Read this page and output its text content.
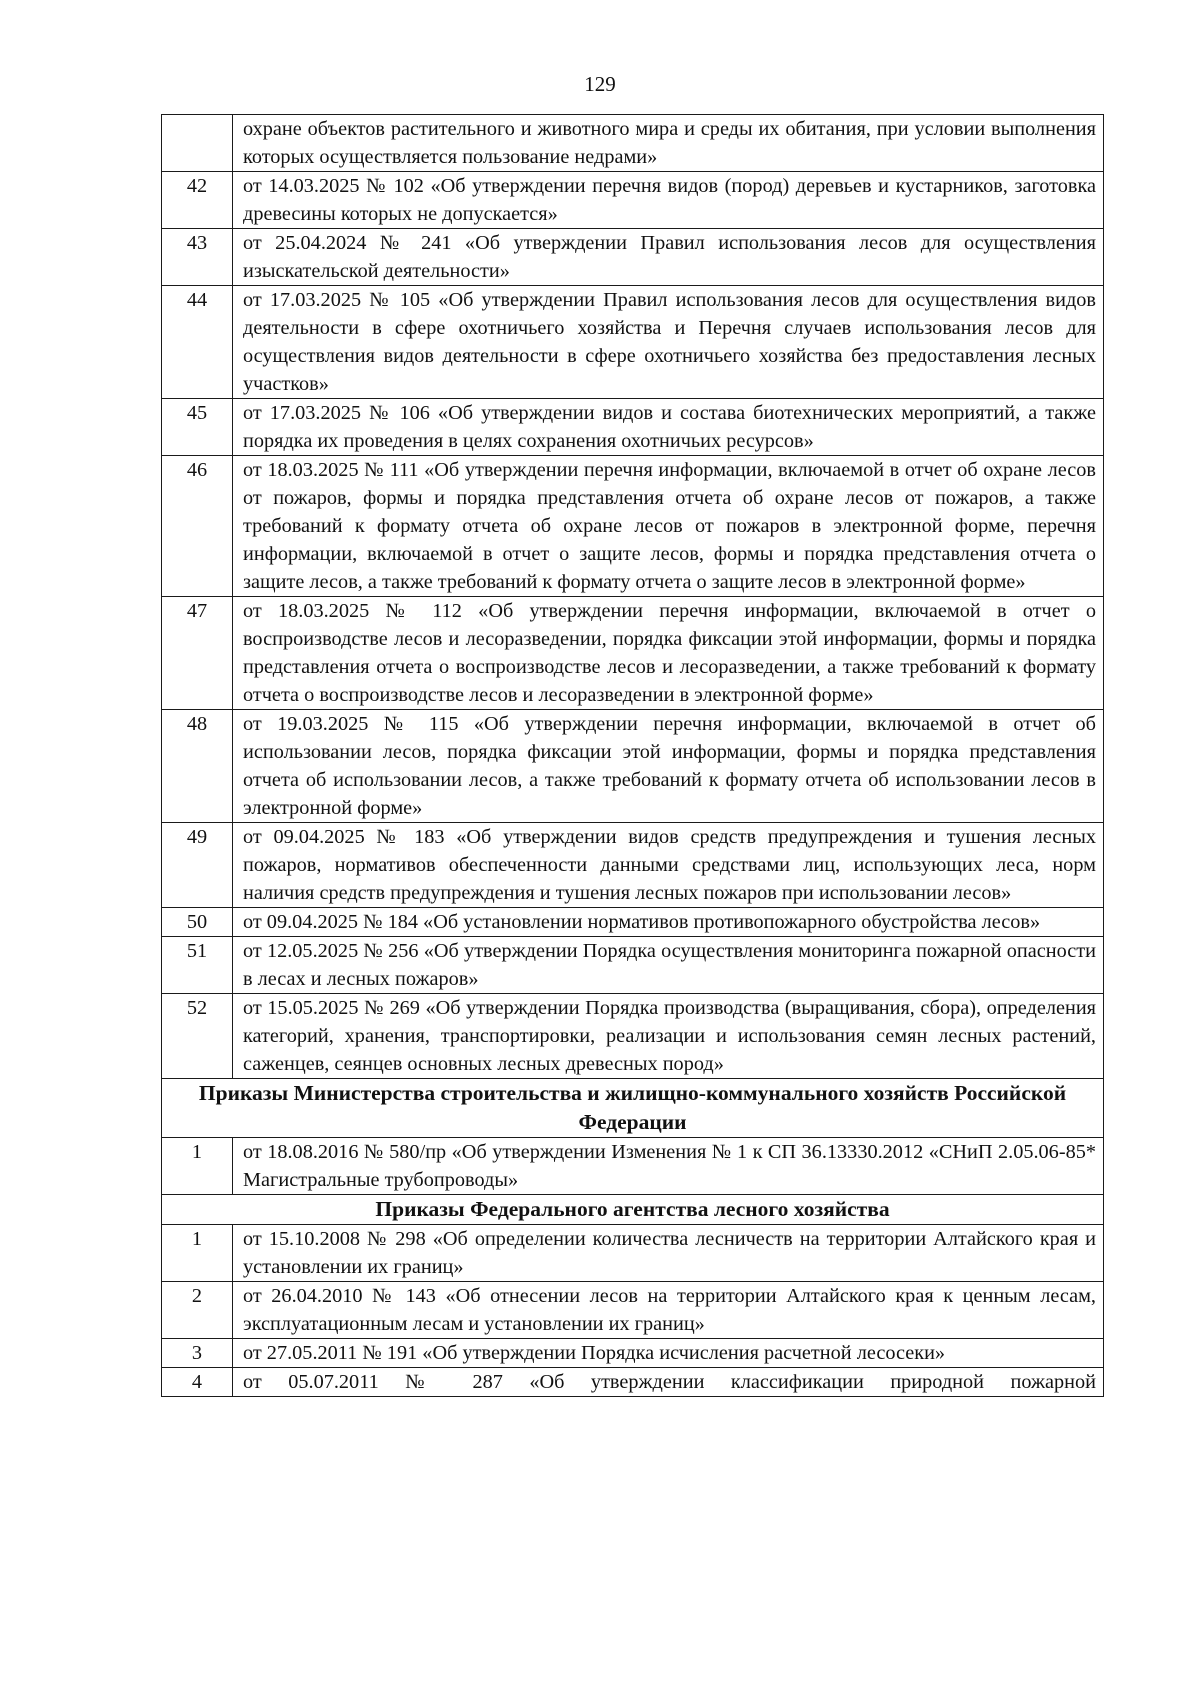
129
	охране объектов растительного и животного мира и среды их обитания, при условии выполнения которых осуществляется пользование недрами»
42	от 14.03.2025 № 102 «Об утверждении перечня видов (пород) деревьев и кустарников, заготовка древесины которых не допускается»
43	от 25.04.2024 № 241 «Об утверждении Правил использования лесов для осуществления изыскательской деятельности»
44	от 17.03.2025 № 105 «Об утверждении Правил использования лесов для осуществления видов деятельности в сфере охотничьего хозяйства и Перечня случаев использования лесов для осуществления видов деятельности в сфере охотничьего хозяйства без предоставления лесных участков»
45	от 17.03.2025 № 106 «Об утверждении видов и состава биотехнических мероприятий, а также порядка их проведения в целях сохранения охотничьих ресурсов»
46	от 18.03.2025 № 111 «Об утверждении перечня информации, включаемой в отчет об охране лесов от пожаров, формы и порядка представления отчета об охране лесов от пожаров, а также требований к формату отчета об охране лесов от пожаров в электронной форме, перечня информации, включаемой в отчет о защите лесов, формы и порядка представления отчета о защите лесов, а также требований к формату отчета о защите лесов в электронной форме»
47	от 18.03.2025 № 112 «Об утверждении перечня информации, включаемой в отчет о воспроизводстве лесов и лесоразведении, порядка фиксации этой информации, формы и порядка представления отчета о воспроизводстве лесов и лесоразведении, а также требований к формату отчета о воспроизводстве лесов и лесоразведении в электронной форме»
48	от 19.03.2025 № 115 «Об утверждении перечня информации, включаемой в отчет об использовании лесов, порядка фиксации этой информации, формы и порядка представления отчета об использовании лесов, а также требований к формату отчета об использовании лесов в электронной форме»
49	от 09.04.2025 № 183 «Об утверждении видов средств предупреждения и тушения лесных пожаров, нормативов обеспеченности данными средствами лиц, использующих леса, норм наличия средств предупреждения и тушения лесных пожаров при использовании лесов»
50	от 09.04.2025 № 184 «Об установлении нормативов противопожарного обустройства лесов»
51	от 12.05.2025 № 256 «Об утверждении Порядка осуществления мониторинга пожарной опасности в лесах и лесных пожаров»
52	от 15.05.2025 № 269 «Об утверждении Порядка производства (выращивания, сбора), определения категорий, хранения, транспортировки, реализации и использования семян лесных растений, саженцев, сеянцев основных лесных древесных пород»
Приказы Министерства строительства и жилищно-коммунального хозяйств Российской Федерации	
1	от 18.08.2016 № 580/пр «Об утверждении Изменения № 1 к СП 36.13330.2012 «СНиП 2.05.06-85* Магистральные трубопроводы»
Приказы Федерального агентства лесного хозяйства	
1	от 15.10.2008 № 298 «Об определении количества лесничеств на территории Алтайского края и установлении их границ»
2	от 26.04.2010 № 143 «Об отнесении лесов на территории Алтайского края к ценным лесам, эксплуатационным лесам и установлении их границ»
3	от 27.05.2011 № 191 «Об утверждении Порядка исчисления расчетной лесосеки»
4	от 05.07.2011 № 287 «Об утверждении классификации природной пожарной
